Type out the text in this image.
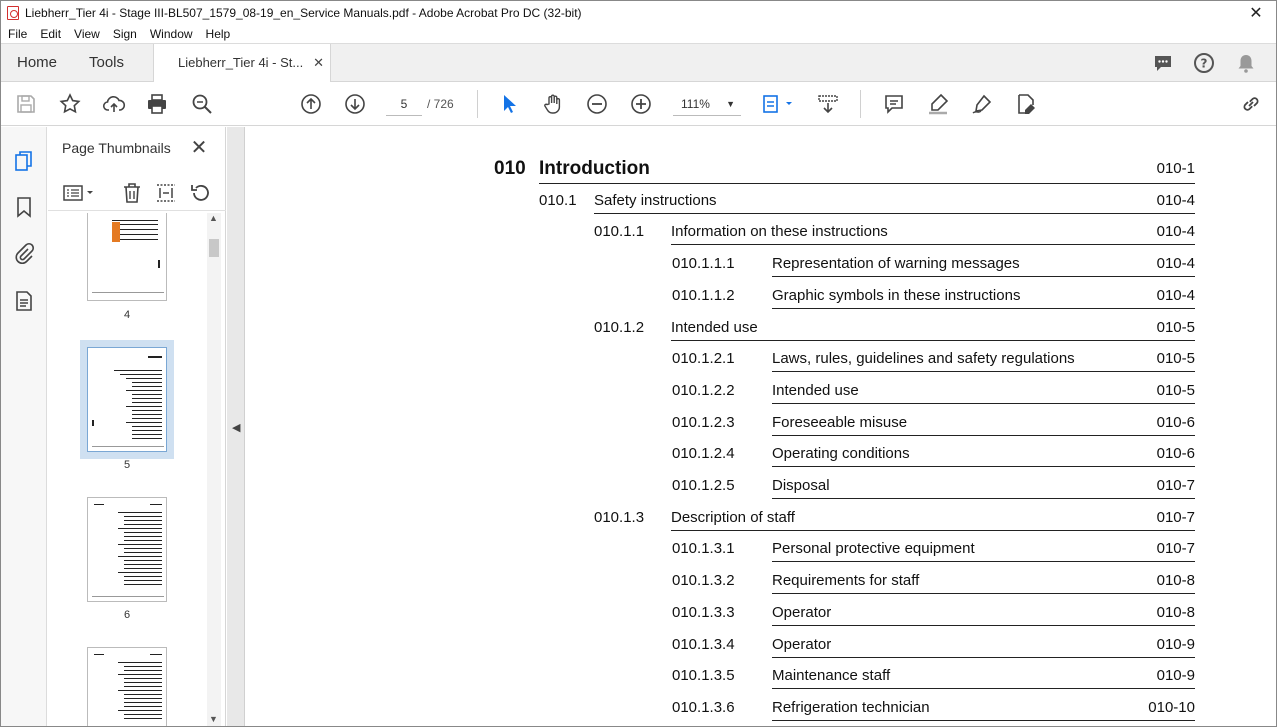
Liebherr_Tier 4i - Stage III-BL507_1579_08-19_en_Service Manuals.pdf - Adobe Acrobat Pro DC (32-bit)	✕
File	Edit	View	Sign	Window	Help
Home Tools	Liebherr_Tier 4i - St... ✕	?
5	/ 726	111% ▼
Page Thumbnails ✕
4
5
6
▲
▼
◀
010 Introduction	010-1
010.1 Safety instructions	010-4
010.1.1 Information on these instructions	010-4
010.1.1.1 Representation of warning messages	010-4
010.1.1.2 Graphic symbols in these instructions	010-4
010.1.2 Intended use	010-5
010.1.2.1 Laws, rules, guidelines and safety regulations	010-5
010.1.2.2 Intended use	010-5
010.1.2.3 Foreseeable misuse	010-6
010.1.2.4 Operating conditions	010-6
010.1.2.5 Disposal	010-7
010.1.3 Description of staff	010-7
010.1.3.1 Personal protective equipment	010-7
010.1.3.2 Requirements for staff	010-8
010.1.3.3 Operator	010-8
010.1.3.4 Operator	010-9
010.1.3.5 Maintenance staff	010-9
010.1.3.6 Refrigeration technician	010-10
